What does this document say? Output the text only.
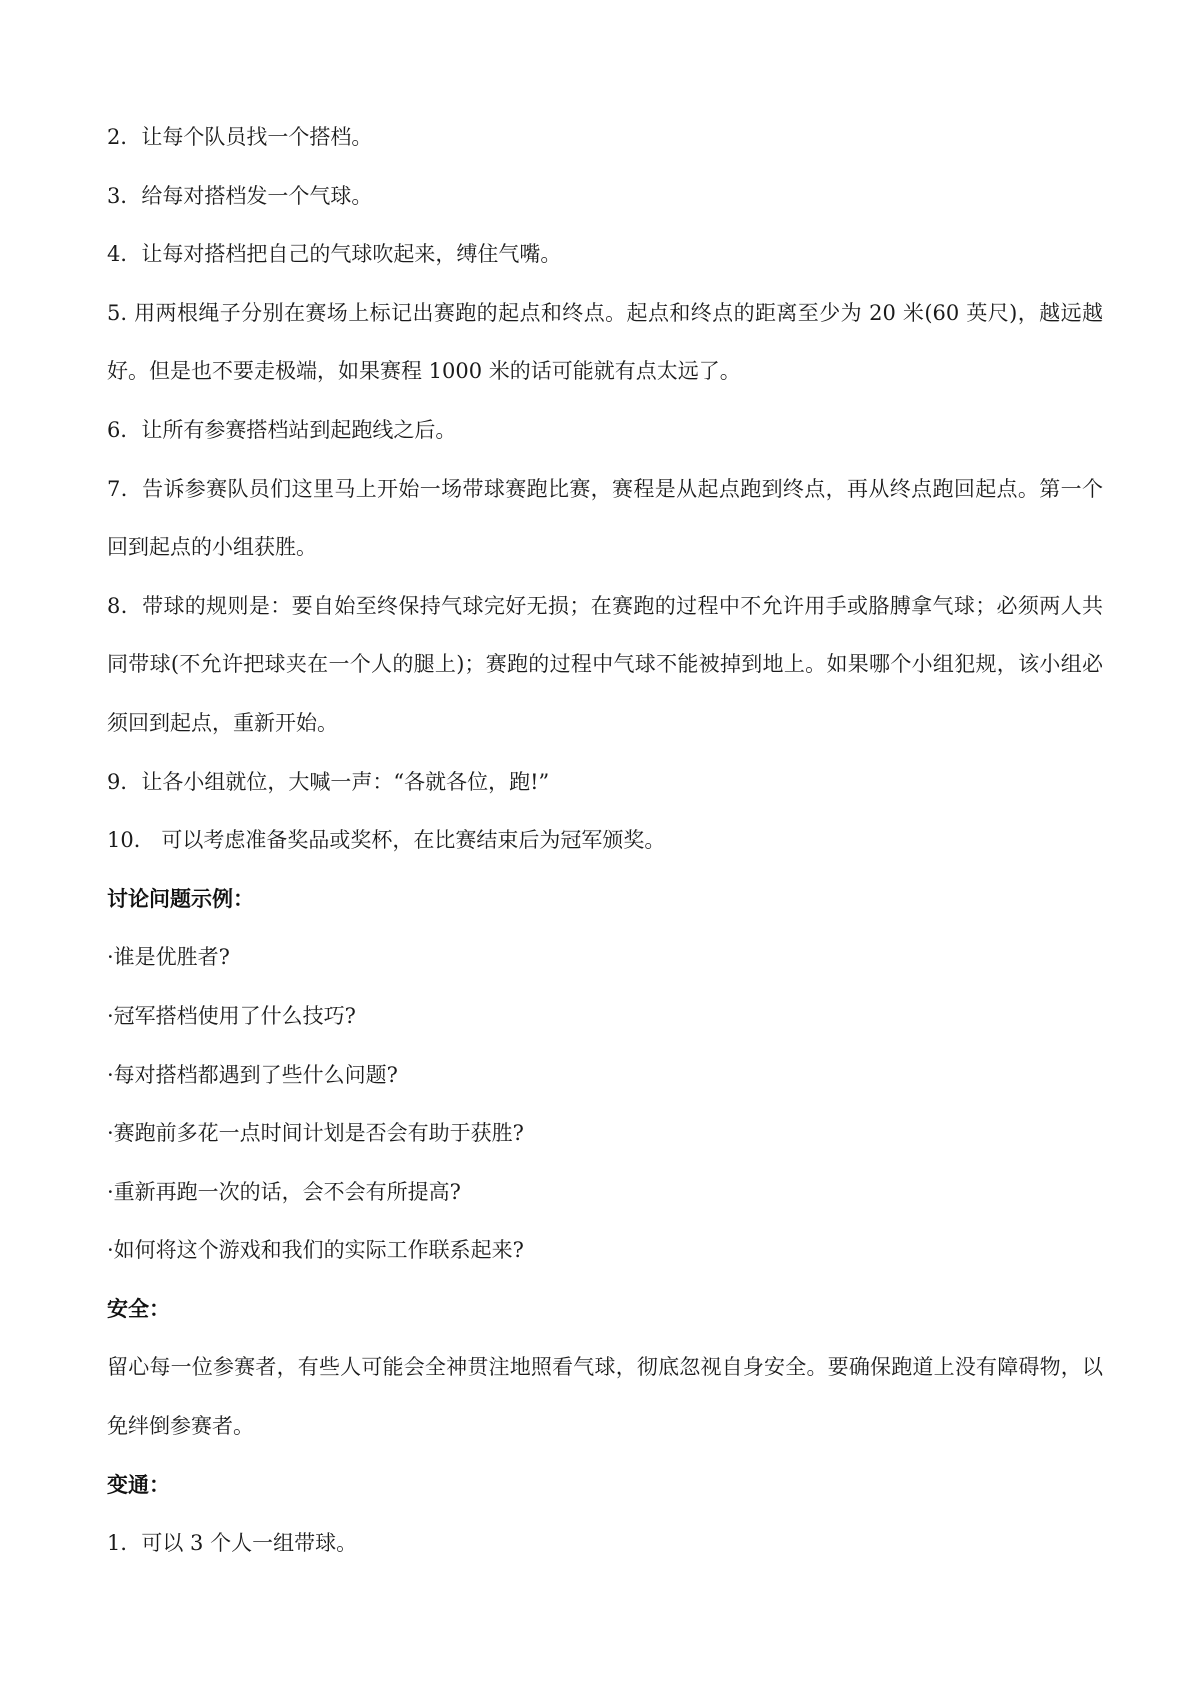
2．让每个队员找一个搭档。

3．给每对搭档发一个气球。

4．让每对搭档把自己的气球吹起来，缚住气嘴。

5. 用两根绳子分别在赛场上标记出赛跑的起点和终点。起点和终点的距离至少为 20 米(60 英尺)，越远越好。但是也不要走极端，如果赛程 1000 米的话可能就有点太远了。

6．让所有参赛搭档站到起跑线之后。

7．告诉参赛队员们这里马上开始一场带球赛跑比赛，赛程是从起点跑到终点，再从终点跑回起点。第一个回到起点的小组获胜。

8．带球的规则是：要自始至终保持气球完好无损；在赛跑的过程中不允许用手或胳膊拿气球；必须两人共同带球(不允许把球夹在一个人的腿上)；赛跑的过程中气球不能被掉到地上。如果哪个小组犯规，该小组必须回到起点，重新开始。

9．让各小组就位，大喊一声：“各就各位，跑!”

10． 可以考虑准备奖品或奖杯，在比赛结束后为冠军颁奖。

讨论问题示例：

·谁是优胜者?

·冠军搭档使用了什么技巧?

·每对搭档都遇到了些什么问题?

·赛跑前多花一点时间计划是否会有助于获胜?

·重新再跑一次的话，会不会有所提高?

·如何将这个游戏和我们的实际工作联系起来?

安全：

留心每一位参赛者，有些人可能会全神贯注地照看气球，彻底忽视自身安全。要确保跑道上没有障碍物，以免绊倒参赛者。

变通：

1．可以 3 个人一组带球。
